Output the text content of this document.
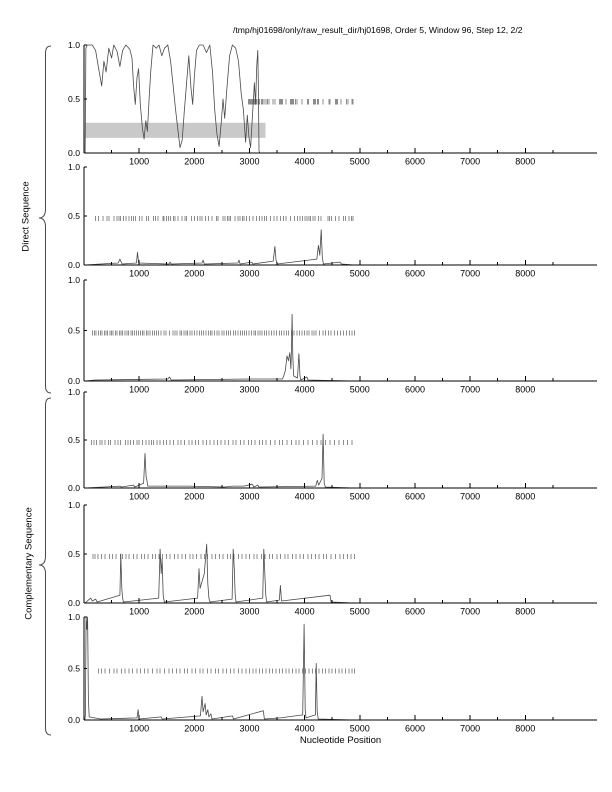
/tmp/hj01698/only/raw_result_dir/hj01698, Order 5, Window 96, Step 12, 2/2
Direct Sequence
Complementary Sequence
1000	2000	3000	4000	5000	6000	7000	8000
1.0
0.5
0.0
1000	2000	3000	4000	5000	6000	7000	8000
1.0
0.5
0.0
1000	2000	3000	4000	5000	6000	7000	8000
1.0
0.5
0.0
1000	2000	3000	4000	5000	6000	7000	8000
1.0
0.5
0.0
1000	2000	3000	4000	5000	6000	7000	8000
1.0
0.5
0.0
1000	2000	3000	4000	5000	6000	7000	8000
1.0
0.5
0.0
Nucleotide Position
